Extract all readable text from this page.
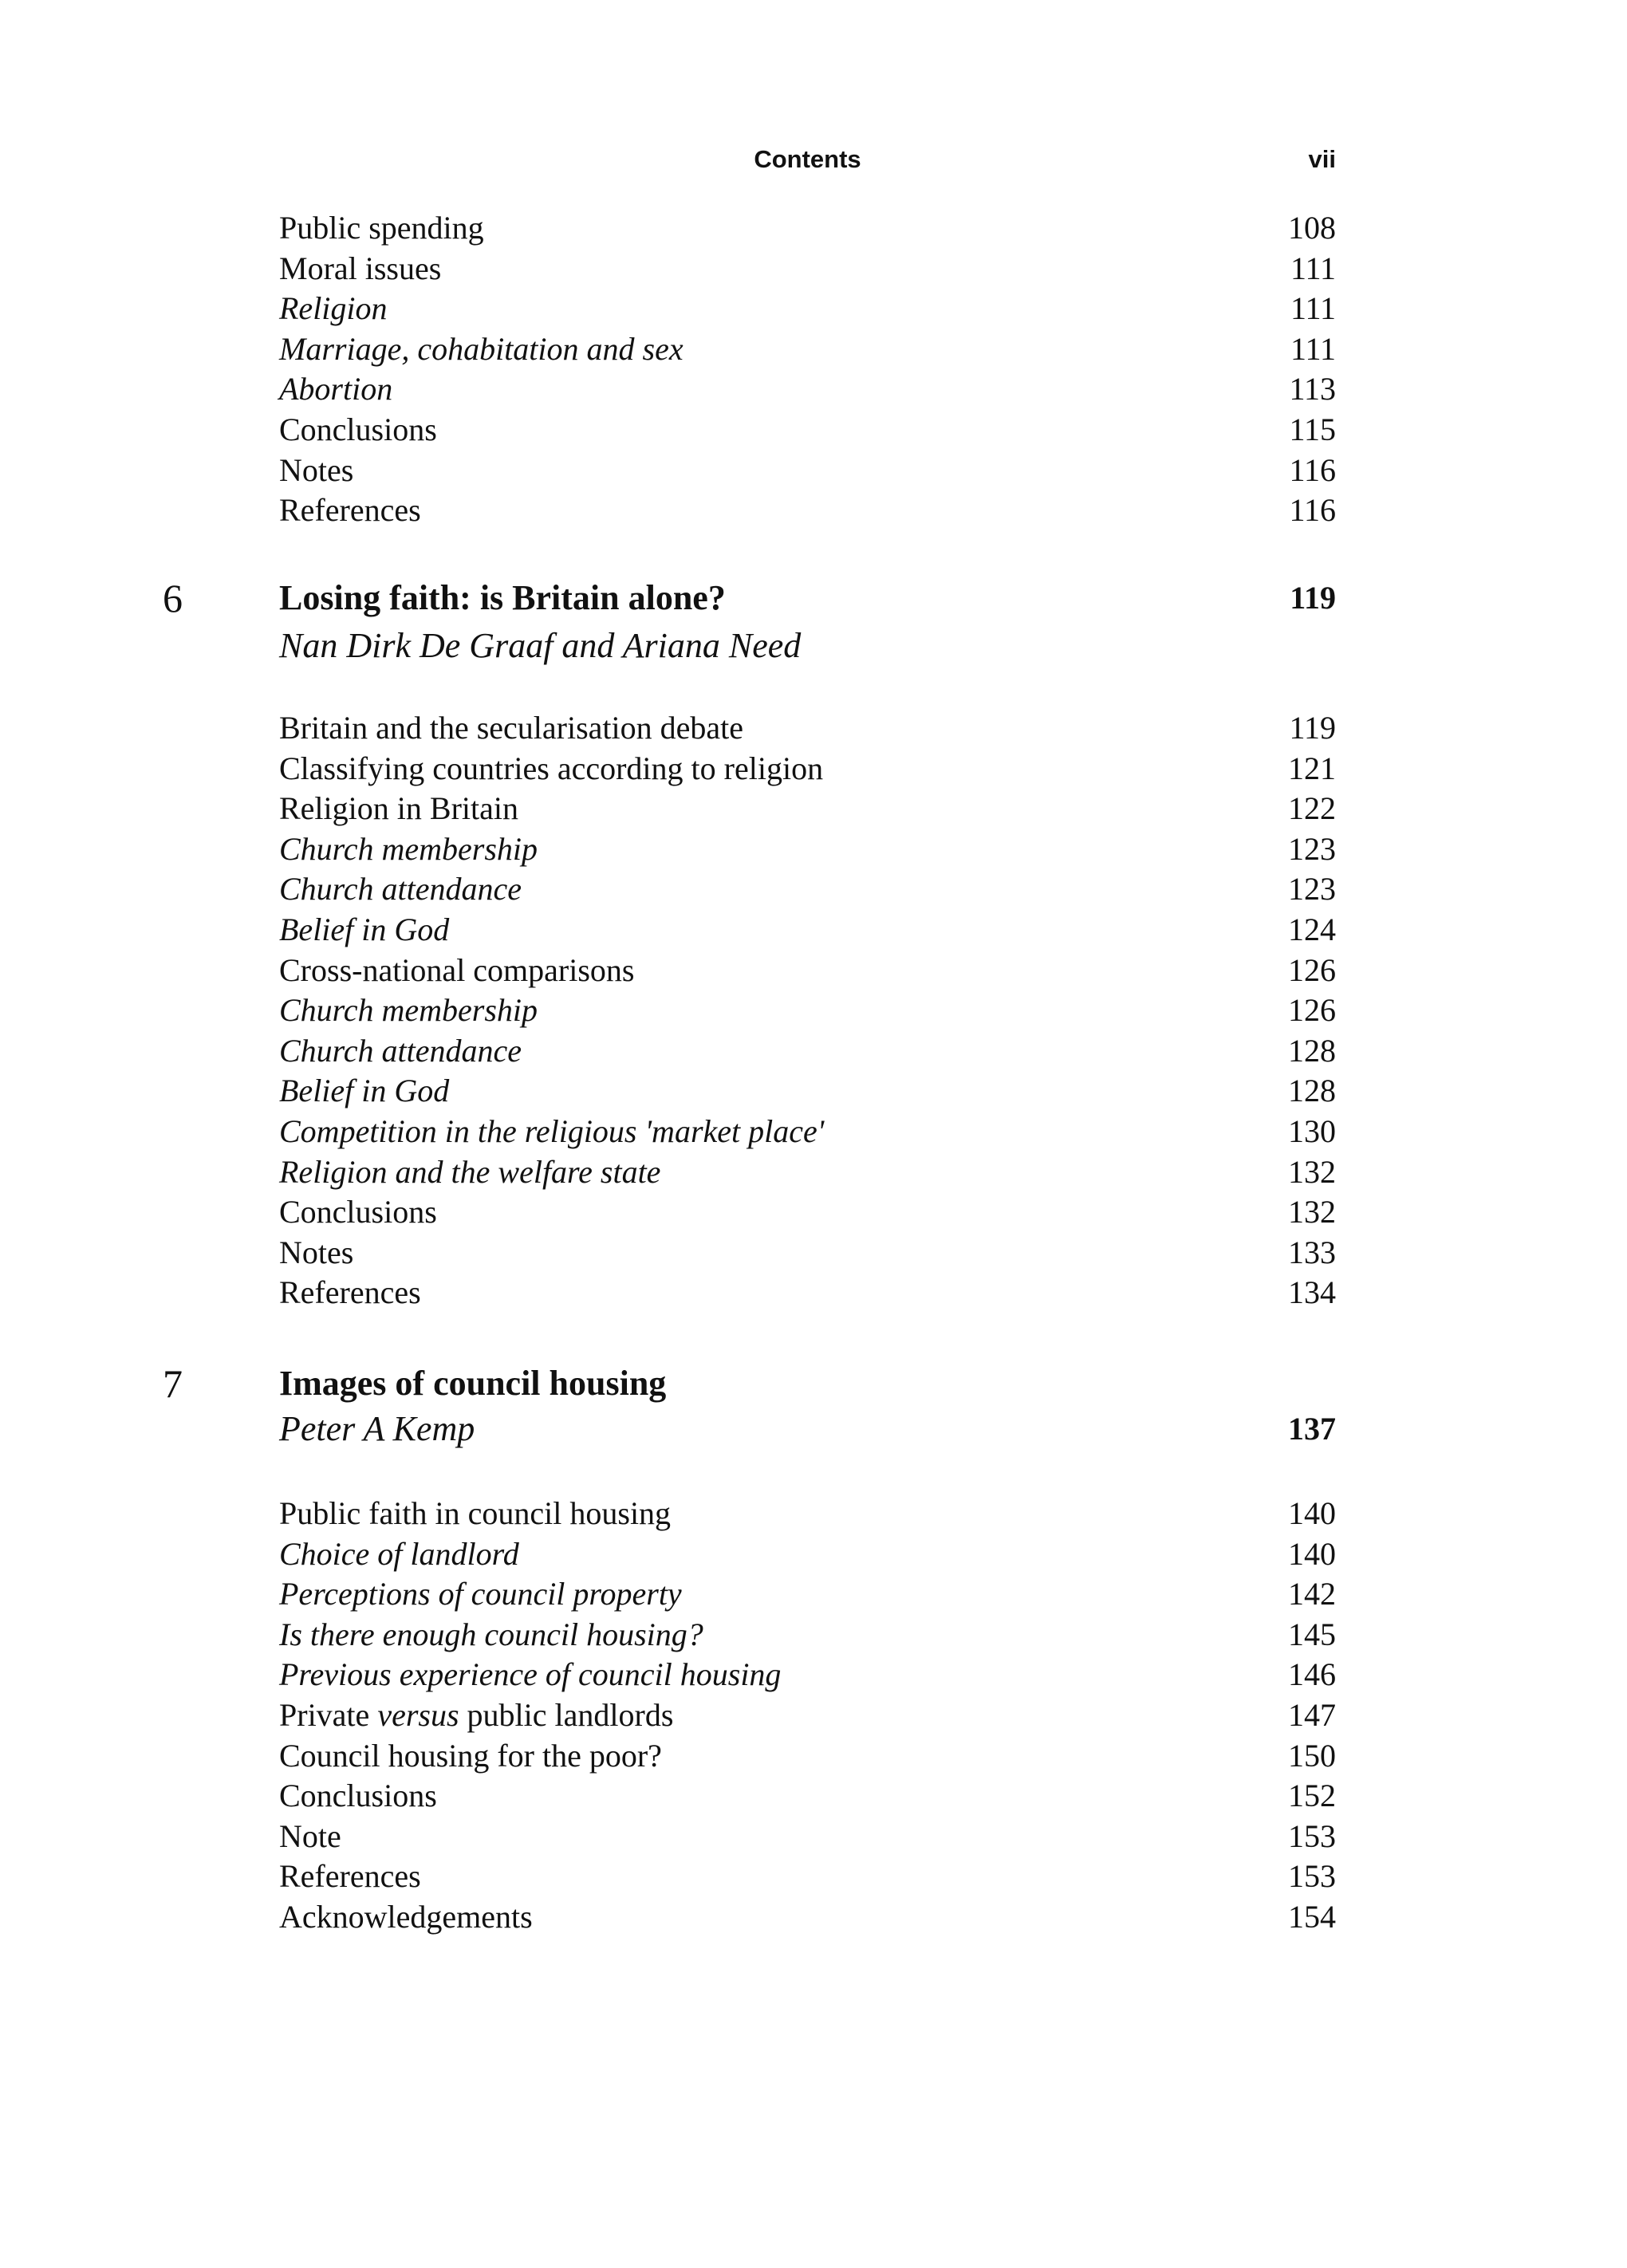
Contents	vii
Public spending	108
Moral issues	111
Religion	111
Marriage, cohabitation and sex	111
Abortion	113
Conclusions	115
Notes	116
References	116
6	Losing faith: is Britain alone?	119
Nan Dirk De Graaf and Ariana Need
Britain and the secularisation debate	119
Classifying countries according to religion	121
Religion in Britain	122
Church membership	123
Church attendance	123
Belief in God	124
Cross-national comparisons	126
Church membership	126
Church attendance	128
Belief in God	128
Competition in the religious 'market place'	130
Religion and the welfare state	132
Conclusions	132
Notes	133
References	134
7	Images of council housing
Peter A Kemp	137
Public faith in council housing	140
Choice of landlord	140
Perceptions of council property	142
Is there enough council housing?	145
Previous experience of council housing	146
Private versus public landlords	147
Council housing for the poor?	150
Conclusions	152
Note	153
References	153
Acknowledgements	154
